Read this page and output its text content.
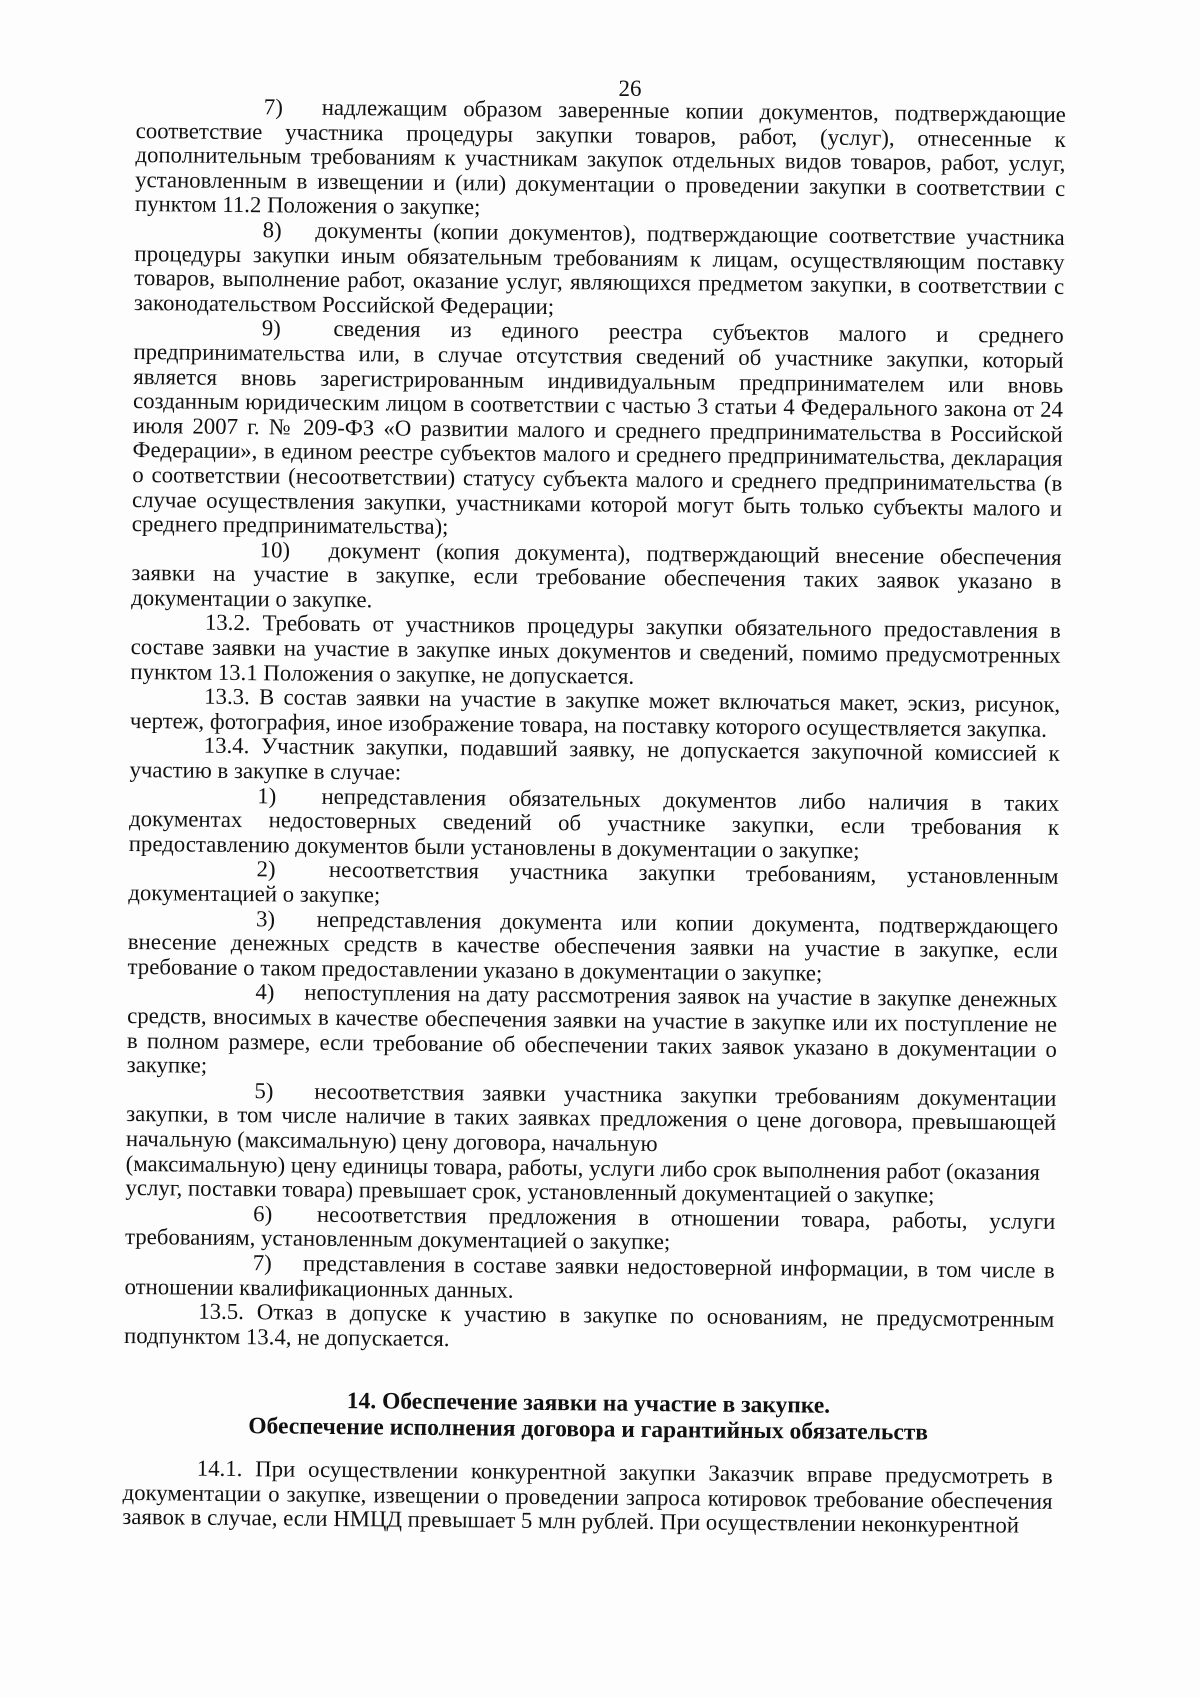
26

7)  надлежащим образом заверенные копии документов, подтверждающие соответствие участника процедуры закупки товаров, работ, (услуг), отнесенные к дополнительным требованиям к участникам закупок отдельных видов товаров, работ, услуг, установленным в извещении и (или) документации о проведении закупки в соответствии с пунктом 11.2 Положения о закупке;

8)  документы (копии документов), подтверждающие соответствие участника процедуры закупки иным обязательным требованиям к лицам, осуществляющим поставку товаров, выполнение работ, оказание услуг, являющихся предметом закупки, в соответствии с законодательством Российской Федерации;

9)  сведения из единого реестра субъектов малого и среднего предпринимательства или, в случае отсутствия сведений об участнике закупки, который является вновь зарегистрированным индивидуальным предпринимателем или вновь созданным юридическим лицом в соответствии с частью 3 статьи 4 Федерального закона от 24 июля 2007 г. № 209-ФЗ «О развитии малого и среднего предпринимательства в Российской Федерации», в едином реестре субъектов малого и среднего предпринимательства, декларация о соответствии (несоответствии) статусу субъекта малого и среднего предпринимательства (в случае осуществления закупки, участниками которой могут быть только субъекты малого и среднего предпринимательства);

10)  документ (копия документа), подтверждающий внесение обеспечения заявки на участие в закупке, если требование обеспечения таких заявок указано в документации о закупке.

13.2. Требовать от участников процедуры закупки обязательного предоставления в составе заявки на участие в закупке иных документов и сведений, помимо предусмотренных пунктом 13.1 Положения о закупке, не допускается.

13.3. В состав заявки на участие в закупке может включаться макет, эскиз, рисунок, чертеж, фотография, иное изображение товара, на поставку которого осуществляется закупка.

13.4. Участник закупки, подавший заявку, не допускается закупочной комиссией к участию в закупке в случае:

1)  непредставления обязательных документов либо наличия в таких документах недостоверных сведений об участнике закупки, если требования к предоставлению документов были установлены в документации о закупке;

2)  несоответствия участника закупки требованиям, установленным документацией о закупке;

3)  непредставления документа или копии документа, подтверждающего внесение денежных средств в качестве обеспечения заявки на участие в закупке, если требование о таком предоставлении указано в документации о закупке;

4)  непоступления на дату рассмотрения заявок на участие в закупке денежных средств, вносимых в качестве обеспечения заявки на участие в закупке или их поступление не в полном размере, если требование об обеспечении таких заявок указано в документации о закупке;

5)  несоответствия заявки участника закупки требованиям документации закупки, в том числе наличие в таких заявках предложения о цене договора, превышающей начальную (максимальную) цену договора, начальную

(максимальную) цену единицы товара, работы, услуги либо срок выполнения работ (оказания услуг, поставки товара) превышает срок, установленный документацией о закупке;

6)  несоответствия предложения в отношении товара, работы, услуги требованиям, установленным документацией о закупке;

7)  представления в составе заявки недостоверной информации, в том числе в отношении квалификационных данных.

13.5. Отказ в допуске к участию в закупке по основаниям, не предусмотренным подпунктом 13.4, не допускается.

14. Обеспечение заявки на участие в закупке.
Обеспечение исполнения договора и гарантийных обязательств

14.1. При осуществлении конкурентной закупки Заказчик вправе предусмотреть в документации о закупке, извещении о проведении запроса котировок требование обеспечения заявок в случае, если НМЦД превышает 5 млн рублей. При осуществлении неконкурентной
